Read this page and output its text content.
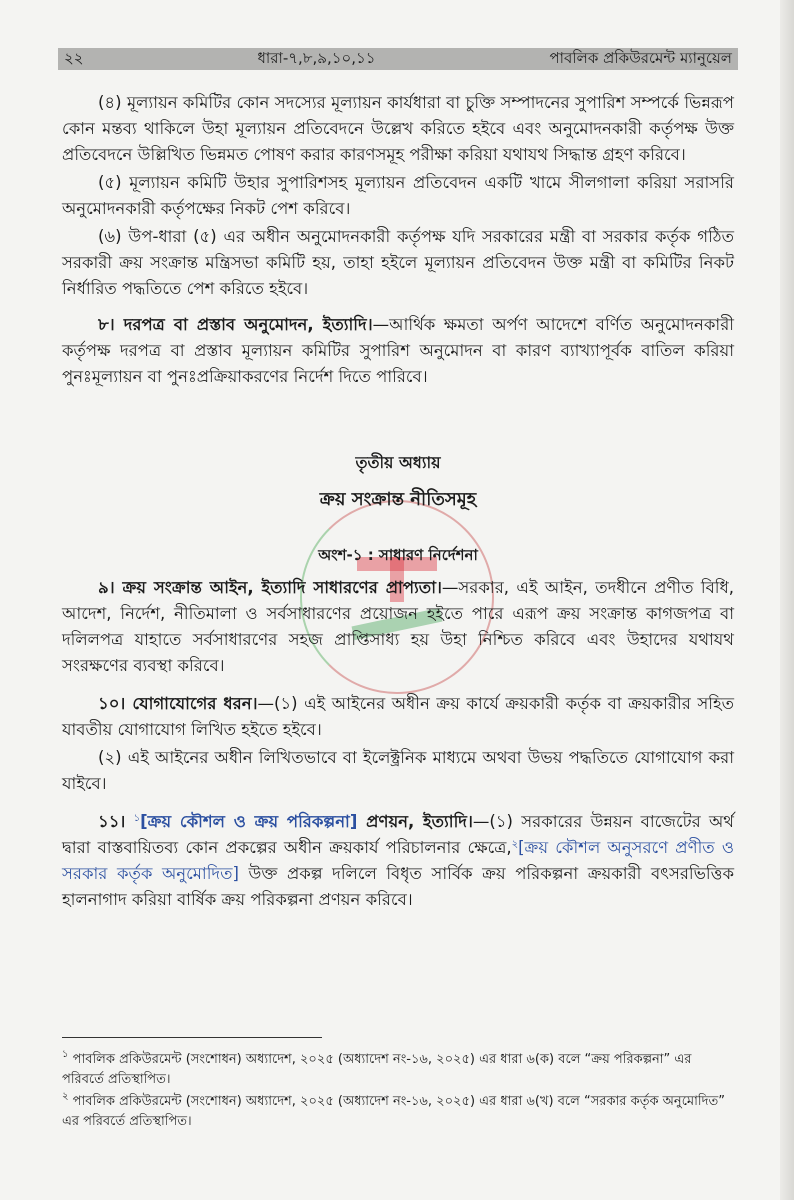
২২	ধারা-৭,৮,৯,১০,১১	পাবলিক প্রকিউরমেন্ট ম্যানুয়েল

(৪) মূল্যায়ন কমিটির কোন সদস্যের মূল্যায়ন কার্যধারা বা চুক্তি সম্পাদনের সুপারিশ সম্পর্কে ভিন্নরূপ কোন মন্তব্য থাকিলে উহা মূল্যায়ন প্রতিবেদনে উল্লেখ করিতে হইবে এবং অনুমোদনকারী কর্তৃপক্ষ উক্ত প্রতিবেদনে উল্লিখিত ভিন্নমত পোষণ করার কারণসমূহ পরীক্ষা করিয়া যথাযথ সিদ্ধান্ত গ্রহণ করিবে।

(৫) মূল্যায়ন কমিটি উহার সুপারিশসহ মূল্যায়ন প্রতিবেদন একটি খামে সীলগালা করিয়া সরাসরি অনুমোদনকারী কর্তৃপক্ষের নিকট পেশ করিবে।

(৬) উপ-ধারা (৫) এর অধীন অনুমোদনকারী কর্তৃপক্ষ যদি সরকারের মন্ত্রী বা সরকার কর্তৃক গঠিত সরকারী ক্রয় সংক্রান্ত মন্ত্রিসভা কমিটি হয়, তাহা হইলে মূল্যায়ন প্রতিবেদন উক্ত মন্ত্রী বা কমিটির নিকট নির্ধারিত পদ্ধতিতে পেশ করিতে হইবে।

৮। দরপত্র বা প্রস্তাব অনুমোদন, ইত্যাদি।—আর্থিক ক্ষমতা অর্পণ আদেশে বর্ণিত অনুমোদনকারী কর্তৃপক্ষ দরপত্র বা প্রস্তাব মূল্যায়ন কমিটির সুপারিশ অনুমোদন বা কারণ ব্যাখ্যাপূর্বক বাতিল করিয়া পুনঃমূল্যায়ন বা পুনঃপ্রক্রিয়াকরণের নির্দেশ দিতে পারিবে।

তৃতীয় অধ্যায়
ক্রয় সংক্রান্ত নীতিসমূহ
অংশ-১ : সাধারণ নির্দেশনা

৯। ক্রয় সংক্রান্ত আইন, ইত্যাদি সাধারণের প্রাপ্যতা।—সরকার, এই আইন, তদধীনে প্রণীত বিধি, আদেশ, নির্দেশ, নীতিমালা ও সর্বসাধারণের প্রয়োজন হইতে পারে এরূপ ক্রয় সংক্রান্ত কাগজপত্র বা দলিলপত্র যাহাতে সর্বসাধারণের সহজ প্রাপ্তিসাধ্য হয় উহা নিশ্চিত করিবে এবং উহাদের যথাযথ সংরক্ষণের ব্যবস্থা করিবে।

১০। যোগাযোগের ধরন।—(১) এই আইনের অধীন ক্রয় কার্যে ক্রয়কারী কর্তৃক বা ক্রয়কারীর সহিত যাবতীয় যোগাযোগ লিখিত হইতে হইবে।

(২) এই আইনের অধীন লিখিতভাবে বা ইলেক্ট্রনিক মাধ্যমে অথবা উভয় পদ্ধতিতে যোগাযোগ করা যাইবে।

১১। $^১$[ক্রয় কৌশল ও ক্রয় পরিকল্পনা] প্রণয়ন, ইত্যাদি।—(১) সরকারের উন্নয়ন বাজেটের অর্থ দ্বারা বাস্তবায়িতব্য কোন প্রকল্পের অধীন ক্রয়কার্য পরিচালনার ক্ষেত্রে,$^২$[ক্রয় কৌশল অনুসরণে প্রণীত ও সরকার কর্তৃক অনুমোদিত] উক্ত প্রকল্প দলিলে বিধৃত সার্বিক ক্রয় পরিকল্পনা ক্রয়কারী বৎসরভিত্তিক হালনাগাদ করিয়া বার্ষিক ক্রয় পরিকল্পনা প্রণয়ন করিবে।

$^১$ পাবলিক প্রকিউরমেন্ট (সংশোধন) অধ্যাদেশ, ২০২৫ (অধ্যাদেশ নং-১৬, ২০২৫) এর ধারা ৬(ক) বলে “ক্রয় পরিকল্পনা” এর পরিবর্তে প্রতিস্থাপিত।
$^২$ পাবলিক প্রকিউরমেন্ট (সংশোধন) অধ্যাদেশ, ২০২৫ (অধ্যাদেশ নং-১৬, ২০২৫) এর ধারা ৬(খ) বলে “সরকার কর্তৃক অনুমোদিত” এর পরিবর্তে প্রতিস্থাপিত।
